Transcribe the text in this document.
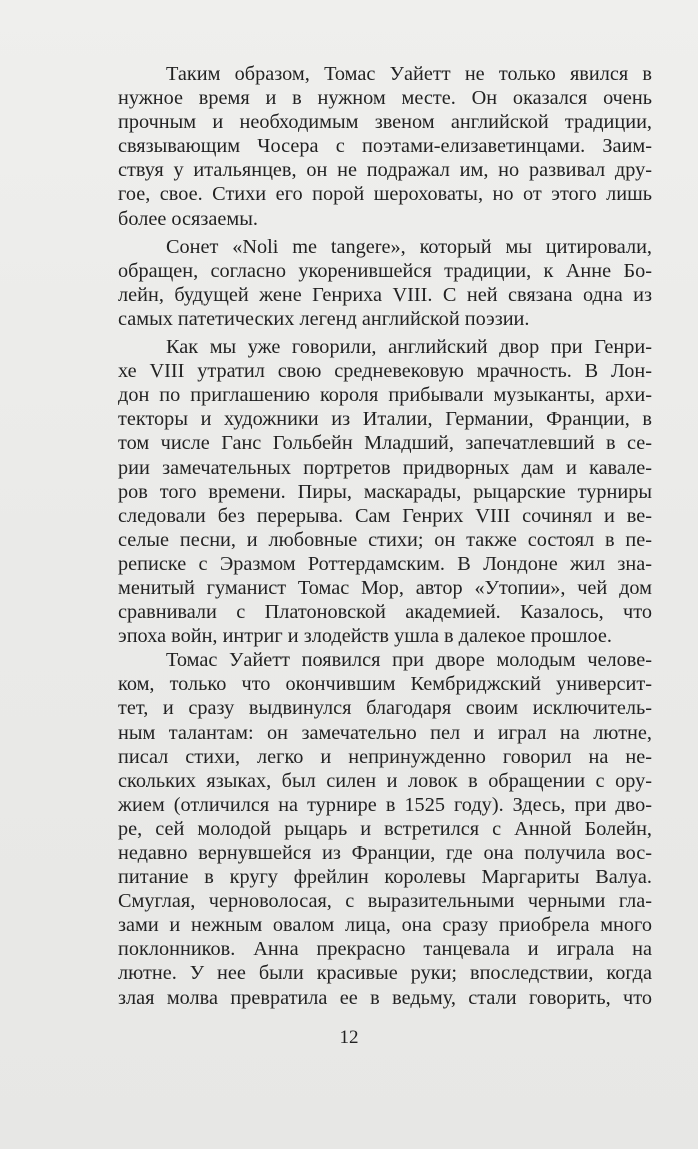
Таким образом, Томас Уайетт не только явился в
нужное время и в нужном месте. Он оказался очень
прочным и необходимым звеном английской традиции,
связывающим Чосера с поэтами-елизаветинцами. Заим-
ствуя у итальянцев, он не подражал им, но развивал дру-
гое, свое. Стихи его порой шероховаты, но от этого лишь
более осязаемы.
Сонет «Noli me tangere», который мы цитировали,
обращен, согласно укоренившейся традиции, к Анне Бо-
лейн, будущей жене Генриха VIII. С ней связана одна из
самых патетических легенд английской поэзии.
Как мы уже говорили, английский двор при Генри-
хе VIII утратил свою средневековую мрачность. В Лон-
дон по приглашению короля прибывали музыканты, архи-
текторы и художники из Италии, Германии, Франции, в
том числе Ганс Гольбейн Младший, запечатлевший в се-
рии замечательных портретов придворных дам и кавале-
ров того времени. Пиры, маскарады, рыцарские турниры
следовали без перерыва. Сам Генрих VIII сочинял и ве-
селые песни, и любовные стихи; он также состоял в пе-
реписке с Эразмом Роттердамским. В Лондоне жил зна-
менитый гуманист Томас Мор, автор «Утопии», чей дом
сравнивали с Платоновской академией. Казалось, что
эпоха войн, интриг и злодейств ушла в далекое прошлое.
Томас Уайетт появился при дворе молодым челове-
ком, только что окончившим Кембриджский университ-
тет, и сразу выдвинулся благодаря своим исключитель-
ным талантам: он замечательно пел и играл на лютне,
писал стихи, легко и непринужденно говорил на не-
скольких языках, был силен и ловок в обращении с ору-
жием (отличился на турнире в 1525 году). Здесь, при дво-
ре, сей молодой рыцарь и встретился с Анной Болейн,
недавно вернувшейся из Франции, где она получила вос-
питание в кругу фрейлин королевы Маргариты Валуа.
Смуглая, черноволосая, с выразительными черными гла-
зами и нежным овалом лица, она сразу приобрела много
поклонников. Анна прекрасно танцевала и играла на
лютне. У нее были красивые руки; впоследствии, когда
злая молва превратила ее в ведьму, стали говорить, что
12
